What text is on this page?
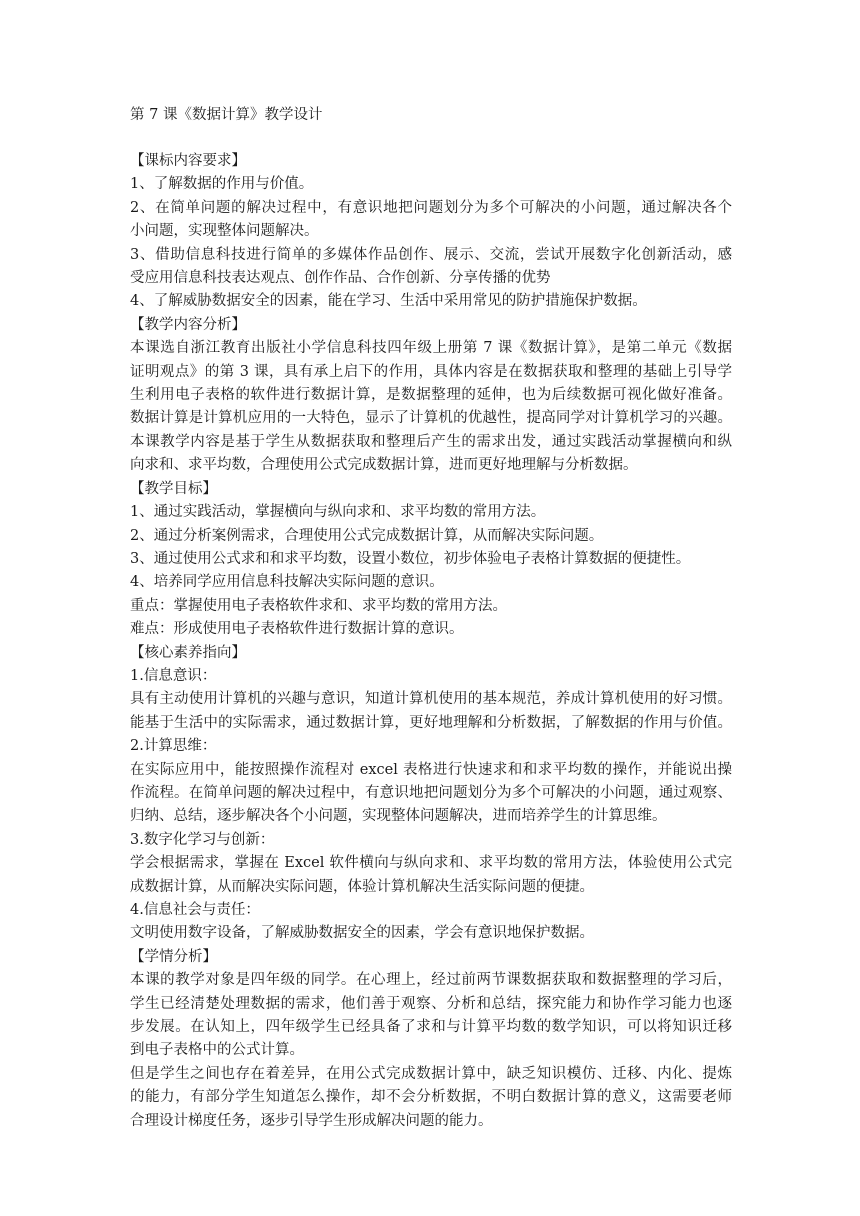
第 7 课《数据计算》教学设计

【课标内容要求】
1、了解数据的作用与价值。
2、在简单问题的解决过程中，有意识地把问题划分为多个可解决的小问题，通过解决各个
小问题，实现整体问题解决。
3、借助信息科技进行简单的多媒体作品创作、展示、交流，尝试开展数字化创新活动，感
受应用信息科技表达观点、创作作品、合作创新、分享传播的优势
4、了解威胁数据安全的因素，能在学习、生活中采用常见的防护措施保护数据。
【教学内容分析】
本课选自浙江教育出版社小学信息科技四年级上册第 7 课《数据计算》，是第二单元《数据
证明观点》的第 3 课，具有承上启下的作用，具体内容是在数据获取和整理的基础上引导学
生利用电子表格的软件进行数据计算，是数据整理的延伸，也为后续数据可视化做好准备。
数据计算是计算机应用的一大特色，显示了计算机的优越性，提高同学对计算机学习的兴趣。
本课教学内容是基于学生从数据获取和整理后产生的需求出发，通过实践活动掌握横向和纵
向求和、求平均数，合理使用公式完成数据计算，进而更好地理解与分析数据。
【教学目标】
1、通过实践活动，掌握横向与纵向求和、求平均数的常用方法。
2、通过分析案例需求，合理使用公式完成数据计算，从而解决实际问题。
3、通过使用公式求和和求平均数，设置小数位，初步体验电子表格计算数据的便捷性。
4、培养同学应用信息科技解决实际问题的意识。
重点：掌握使用电子表格软件求和、求平均数的常用方法。
难点：形成使用电子表格软件进行数据计算的意识。
【核心素养指向】
1.信息意识：
具有主动使用计算机的兴趣与意识，知道计算机使用的基本规范，养成计算机使用的好习惯。
能基于生活中的实际需求，通过数据计算，更好地理解和分析数据，了解数据的作用与价值。
2.计算思维：
在实际应用中，能按照操作流程对 excel 表格进行快速求和和求平均数的操作，并能说出操
作流程。在简单问题的解决过程中，有意识地把问题划分为多个可解决的小问题，通过观察、
归纳、总结，逐步解决各个小问题，实现整体问题解决，进而培养学生的计算思维。
3.数字化学习与创新：
学会根据需求，掌握在 Excel 软件横向与纵向求和、求平均数的常用方法，体验使用公式完
成数据计算，从而解决实际问题，体验计算机解决生活实际问题的便捷。
4.信息社会与责任：
文明使用数字设备，了解威胁数据安全的因素，学会有意识地保护数据。
【学情分析】
本课的教学对象是四年级的同学。在心理上，经过前两节课数据获取和数据整理的学习后，
学生已经清楚处理数据的需求，他们善于观察、分析和总结，探究能力和协作学习能力也逐
步发展。在认知上，四年级学生已经具备了求和与计算平均数的数学知识，可以将知识迁移
到电子表格中的公式计算。
但是学生之间也存在着差异，在用公式完成数据计算中，缺乏知识模仿、迁移、内化、提炼
的能力，有部分学生知道怎么操作，却不会分析数据，不明白数据计算的意义，这需要老师
合理设计梯度任务，逐步引导学生形成解决问题的能力。
